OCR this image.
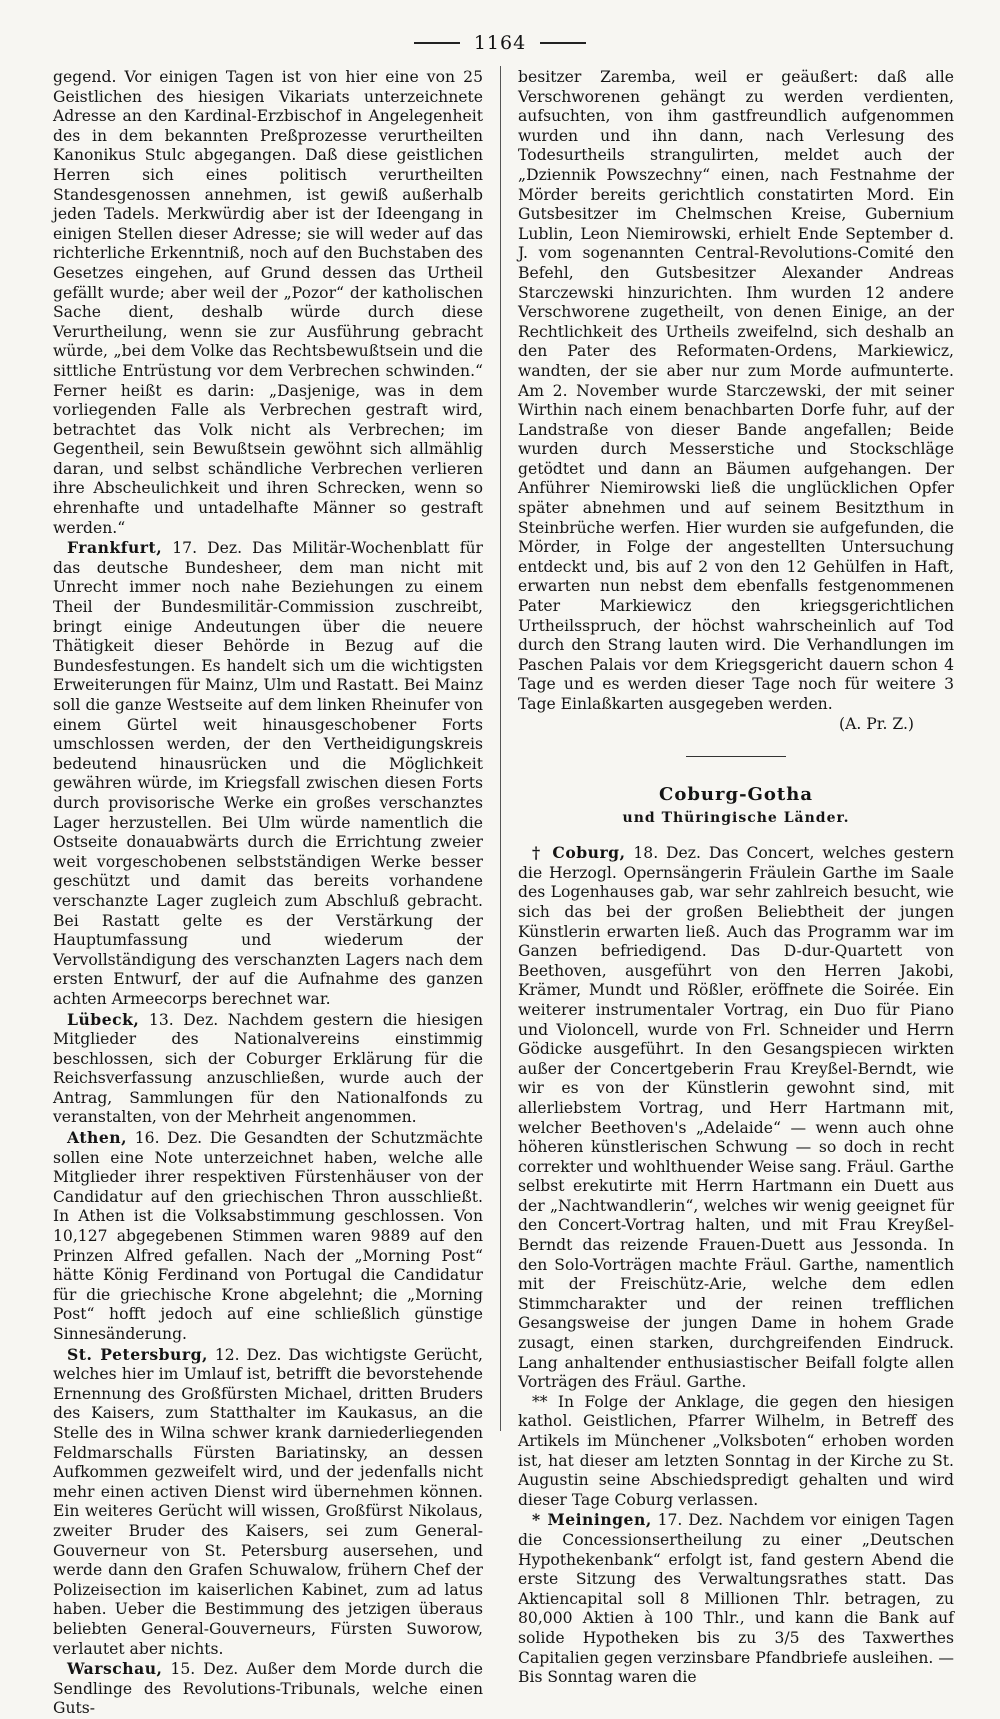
1164

gegend. Vor einigen Tagen ist von hier eine von 25 Geistlichen des hiesigen Vikariats unterzeichnete Adresse an den Kardinal-Erzbischof in Angelegenheit des in dem bekannten Preßprozesse verurtheilten Kanonikus Stulc abgegangen. Daß diese geistlichen Herren sich eines politisch verurtheilten Standesgenossen annehmen, ist gewiß außerhalb jeden Tadels. Merkwürdig aber ist der Ideengang in einigen Stellen dieser Adresse; sie will weder auf das richterliche Erkenntniß, noch auf den Buchstaben des Gesetzes eingehen, auf Grund dessen das Urtheil gefällt wurde; aber weil der „Pozor“ der katholischen Sache dient, deshalb würde durch diese Verurtheilung, wenn sie zur Ausführung gebracht würde, „bei dem Volke das Rechtsbewußtsein und die sittliche Entrüstung vor dem Verbrechen schwinden.“ Ferner heißt es darin: „Dasjenige, was in dem vorliegenden Falle als Verbrechen gestraft wird, betrachtet das Volk nicht als Verbrechen; im Gegentheil, sein Bewußtsein gewöhnt sich allmählig daran, und selbst schändliche Verbrechen verlieren ihre Abscheulichkeit und ihren Schrecken, wenn so ehrenhafte und untadelhafte Männer so gestraft werden.“

Frankfurt, 17. Dez. Das Militär-Wochenblatt für das deutsche Bundesheer, dem man nicht mit Unrecht immer noch nahe Beziehungen zu einem Theil der Bundesmilitär-Commission zuschreibt, bringt einige Andeutungen über die neuere Thätigkeit dieser Behörde in Bezug auf die Bundesfestungen. Es handelt sich um die wichtigsten Erweiterungen für Mainz, Ulm und Rastatt. Bei Mainz soll die ganze Westseite auf dem linken Rheinufer von einem Gürtel weit hinausgeschobener Forts umschlossen werden, der den Vertheidigungskreis bedeutend hinausrücken und die Möglichkeit gewähren würde, im Kriegsfall zwischen diesen Forts durch provisorische Werke ein großes verschanztes Lager herzustellen. Bei Ulm würde namentlich die Ostseite donauabwärts durch die Errichtung zweier weit vorgeschobenen selbstständigen Werke besser geschützt und damit das bereits vorhandene verschanzte Lager zugleich zum Abschluß gebracht. Bei Rastatt gelte es der Verstärkung der Hauptumfassung und wiederum der Vervollständigung des verschanzten Lagers nach dem ersten Entwurf, der auf die Aufnahme des ganzen achten Armeecorps berechnet war.

Lübeck, 13. Dez. Nachdem gestern die hiesigen Mitglieder des Nationalvereins einstimmig beschlossen, sich der Coburger Erklärung für die Reichsverfassung anzuschließen, wurde auch der Antrag, Sammlungen für den Nationalfonds zu veranstalten, von der Mehrheit angenommen.

Athen, 16. Dez. Die Gesandten der Schutzmächte sollen eine Note unterzeichnet haben, welche alle Mitglieder ihrer respektiven Fürstenhäuser von der Candidatur auf den griechischen Thron ausschließt. In Athen ist die Volksabstimmung geschlossen. Von 10,127 abgegebenen Stimmen waren 9889 auf den Prinzen Alfred gefallen. Nach der „Morning Post“ hätte König Ferdinand von Portugal die Candidatur für die griechische Krone abgelehnt; die „Morning Post“ hofft jedoch auf eine schließlich günstige Sinnesänderung.

St. Petersburg, 12. Dez. Das wichtigste Gerücht, welches hier im Umlauf ist, betrifft die bevorstehende Ernennung des Großfürsten Michael, dritten Bruders des Kaisers, zum Statthalter im Kaukasus, an die Stelle des in Wilna schwer krank darniederliegenden Feldmarschalls Fürsten Bariatinsky, an dessen Aufkommen gezweifelt wird, und der jedenfalls nicht mehr einen activen Dienst wird übernehmen können. Ein weiteres Gerücht will wissen, Großfürst Nikolaus, zweiter Bruder des Kaisers, sei zum General-Gouverneur von St. Petersburg ausersehen, und werde dann den Grafen Schuwalow, frühern Chef der Polizeisection im kaiserlichen Kabinet, zum ad latus haben. Ueber die Bestimmung des jetzigen überaus beliebten General-Gouverneurs, Fürsten Suworow, verlautet aber nichts.

Warschau, 15. Dez. Außer dem Morde durch die Sendlinge des Revolutions-Tribunals, welche einen Guts-

besitzer Zaremba, weil er geäußert: daß alle Verschworenen gehängt zu werden verdienten, aufsuchten, von ihm gastfreundlich aufgenommen wurden und ihn dann, nach Verlesung des Todesurtheils strangulirten, meldet auch der „Dziennik Powszechny“ einen, nach Festnahme der Mörder bereits gerichtlich constatirten Mord. Ein Gutsbesitzer im Chelmschen Kreise, Gubernium Lublin, Leon Niemirowski, erhielt Ende September d. J. vom sogenannten Central-Revolutions-Comité den Befehl, den Gutsbesitzer Alexander Andreas Starczewski hinzurichten. Ihm wurden 12 andere Verschworene zugetheilt, von denen Einige, an der Rechtlichkeit des Urtheils zweifelnd, sich deshalb an den Pater des Reformaten-Ordens, Markiewicz, wandten, der sie aber nur zum Morde aufmunterte. Am 2. November wurde Starczewski, der mit seiner Wirthin nach einem benachbarten Dorfe fuhr, auf der Landstraße von dieser Bande angefallen; Beide wurden durch Messerstiche und Stockschläge getödtet und dann an Bäumen aufgehangen. Der Anführer Niemirowski ließ die unglücklichen Opfer später abnehmen und auf seinem Besitzthum in Steinbrüche werfen. Hier wurden sie aufgefunden, die Mörder, in Folge der angestellten Untersuchung entdeckt und, bis auf 2 von den 12 Gehülfen in Haft, erwarten nun nebst dem ebenfalls festgenommenen Pater Markiewicz den kriegsgerichtlichen Urtheilsspruch, der höchst wahrscheinlich auf Tod durch den Strang lauten wird. Die Verhandlungen im Paschen Palais vor dem Kriegsgericht dauern schon 4 Tage und es werden dieser Tage noch für weitere 3 Tage Einlaßkarten ausgegeben werden.

(A. Pr. Z.)

Coburg-Gotha
und Thüringische Länder.

† Coburg, 18. Dez. Das Concert, welches gestern die Herzogl. Opernsängerin Fräulein Garthe im Saale des Logenhauses gab, war sehr zahlreich besucht, wie sich das bei der großen Beliebtheit der jungen Künstlerin erwarten ließ. Auch das Programm war im Ganzen befriedigend. Das D-dur-Quartett von Beethoven, ausgeführt von den Herren Jakobi, Krämer, Mundt und Rößler, eröffnete die Soirée. Ein weiterer instrumentaler Vortrag, ein Duo für Piano und Violoncell, wurde von Frl. Schneider und Herrn Gödicke ausgeführt. In den Gesangspiecen wirkten außer der Concertgeberin Frau Kreyßel-Berndt, wie wir es von der Künstlerin gewohnt sind, mit allerliebstem Vortrag, und Herr Hartmann mit, welcher Beethoven's „Adelaide“ — wenn auch ohne höheren künstlerischen Schwung — so doch in recht correkter und wohlthuender Weise sang. Fräul. Garthe selbst erekutirte mit Herrn Hartmann ein Duett aus der „Nachtwandlerin“, welches wir wenig geeignet für den Concert-Vortrag halten, und mit Frau Kreyßel-Berndt das reizende Frauen-Duett aus Jessonda. In den Solo-Vorträgen machte Fräul. Garthe, namentlich mit der Freischütz-Arie, welche dem edlen Stimmcharakter und der reinen trefflichen Gesangsweise der jungen Dame in hohem Grade zusagt, einen starken, durchgreifenden Eindruck. Lang anhaltender enthusiastischer Beifall folgte allen Vorträgen des Fräul. Garthe.

** In Folge der Anklage, die gegen den hiesigen kathol. Geistlichen, Pfarrer Wilhelm, in Betreff des Artikels im Münchener „Volksboten“ erhoben worden ist, hat dieser am letzten Sonntag in der Kirche zu St. Augustin seine Abschiedspredigt gehalten und wird dieser Tage Coburg verlassen.

* Meiningen, 17. Dez. Nachdem vor einigen Tagen die Concessionsertheilung zu einer „Deutschen Hypothekenbank“ erfolgt ist, fand gestern Abend die erste Sitzung des Verwaltungsrathes statt. Das Aktiencapital soll 8 Millionen Thlr. betragen, zu 80,000 Aktien à 100 Thlr., und kann die Bank auf solide Hypotheken bis zu 3/5 des Taxwerthes Capitalien gegen verzinsbare Pfandbriefe ausleihen. — Bis Sonntag waren die
